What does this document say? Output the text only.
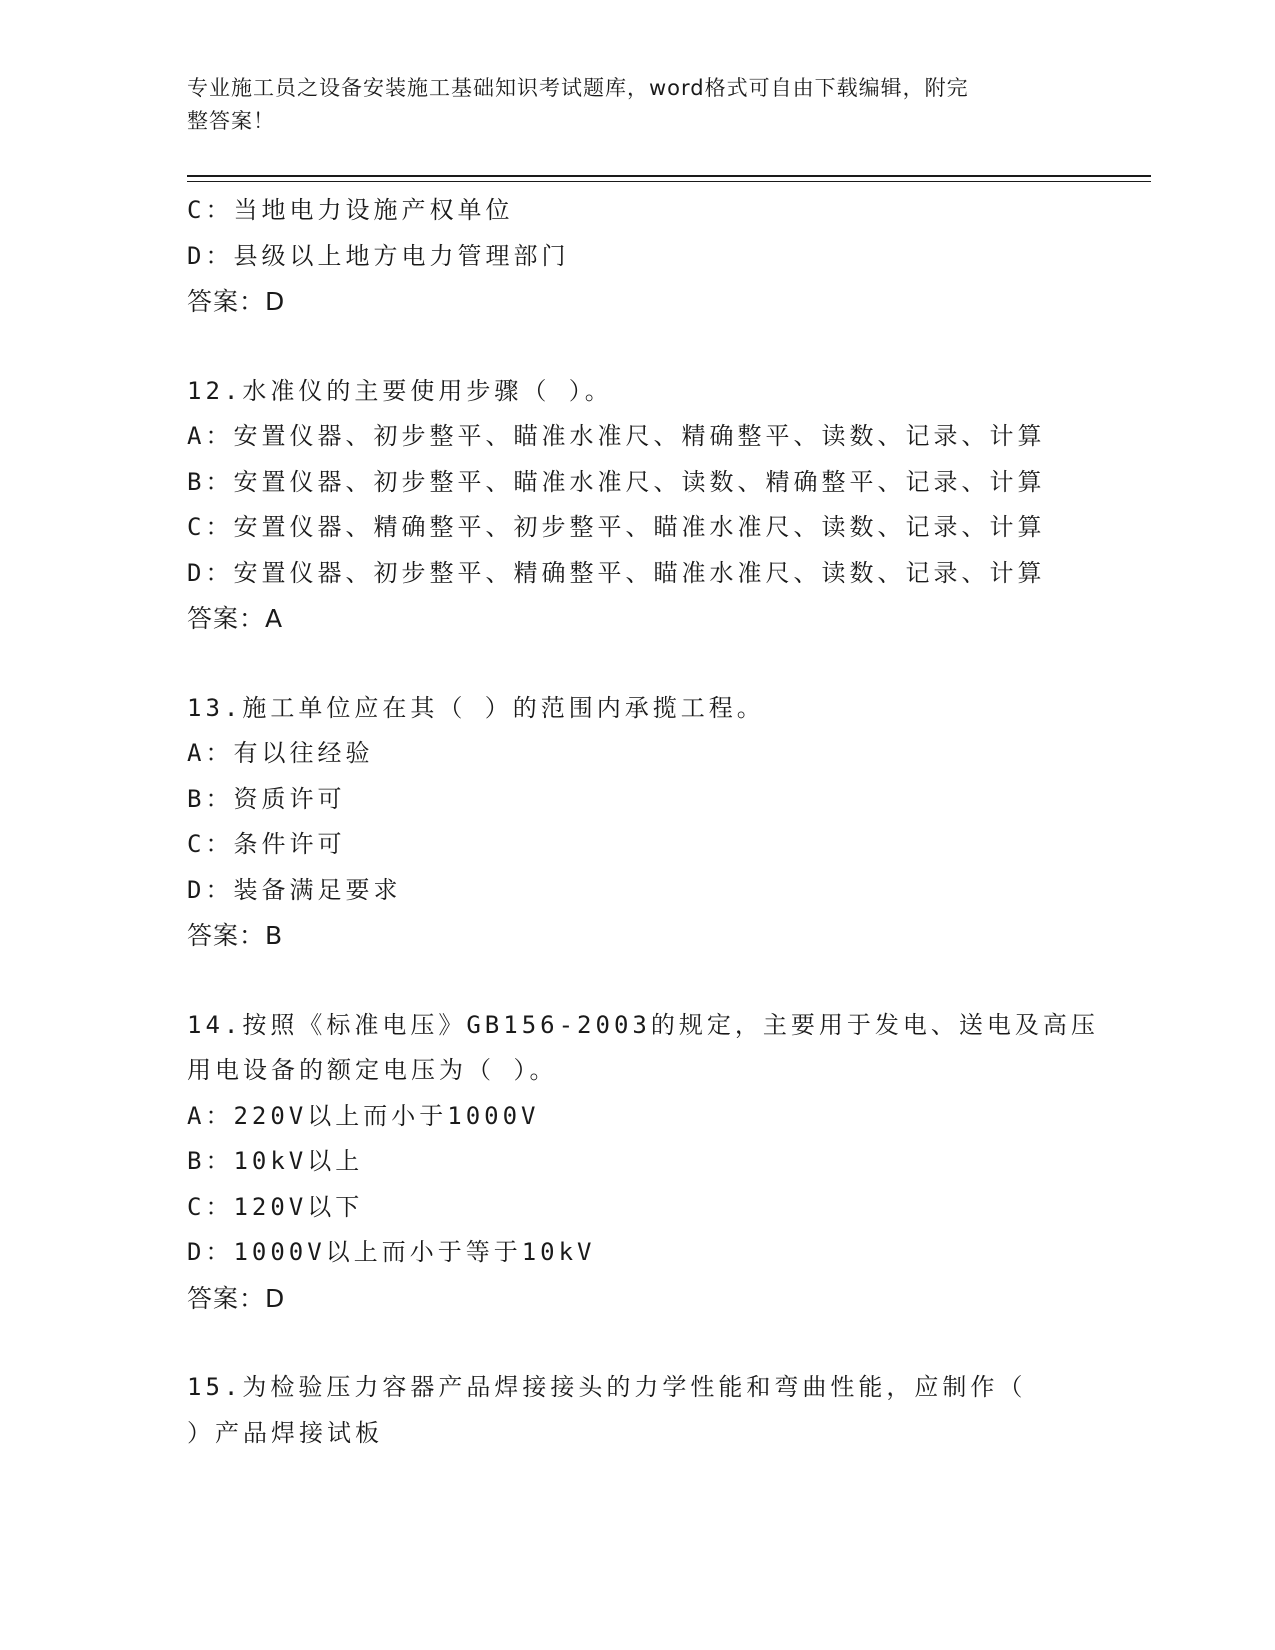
专业施工员之设备安装施工基础知识考试题库，word格式可自由下载编辑，附完
整答案！
C：当地电力设施产权单位
D：县级以上地方电力管理部门
答案：D
12.水准仪的主要使用步骤（ ）。
A：安置仪器、初步整平、瞄准水准尺、精确整平、读数、记录、计算
B：安置仪器、初步整平、瞄准水准尺、读数、精确整平、记录、计算
C：安置仪器、精确整平、初步整平、瞄准水准尺、读数、记录、计算
D：安置仪器、初步整平、精确整平、瞄准水准尺、读数、记录、计算
答案：A
13.施工单位应在其（ ）的范围内承揽工程。
A：有以往经验
B：资质许可
C：条件许可
D：装备满足要求
答案：B
14.按照《标准电压》GB156-2003的规定，主要用于发电、送电及高压
用电设备的额定电压为（ ）。
A：220V以上而小于1000V
B：10kV以上
C：120V以下
D：1000V以上而小于等于10kV
答案：D
15.为检验压力容器产品焊接接头的力学性能和弯曲性能，应制作（
）产品焊接试板
